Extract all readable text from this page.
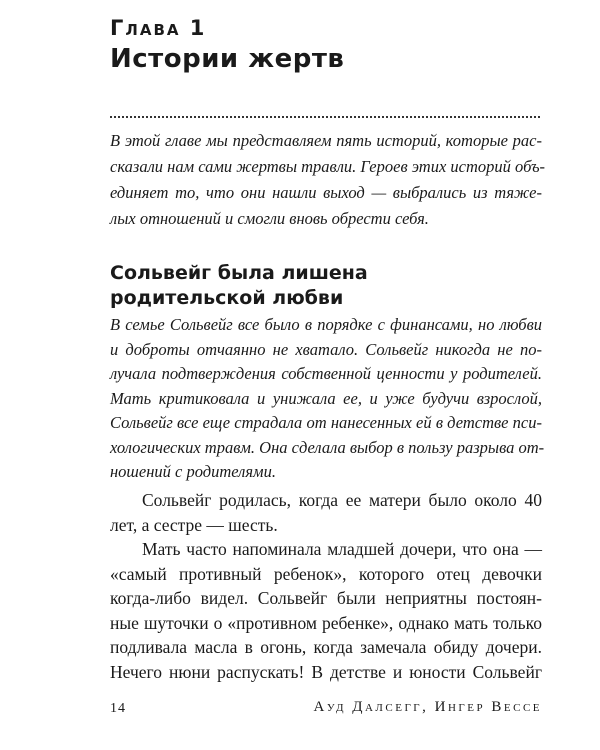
Глава 1
Истории жертв
В этой главе мы представляем пять историй, которые рас-
сказали нам сами жертвы травли. Героев этих историй объ-
единяет то, что они нашли выход — выбрались из тяже-
лых отношений и смогли вновь обрести себя.
Сольвейг была лишена
родительской любви
В семье Сольвейг все было в порядке с финансами, но любви
и доброты отчаянно не хватало. Сольвейг никогда не по-
лучала подтверждения собственной ценности у родителей.
Мать критиковала и унижала ее, и уже будучи взрослой,
Сольвейг все еще страдала от нанесенных ей в детстве пси-
хологических травм. Она сделала выбор в пользу разрыва от-
ношений с родителями.
Сольвейг родилась, когда ее матери было около 40
лет, а сестре — шесть.
Мать часто напоминала младшей дочери, что она —
«самый противный ребенок», которого отец девочки
когда-либо видел. Сольвейг были неприятны постоян-
ные шуточки о «противном ребенке», однако мать только
подливала масла в огонь, когда замечала обиду дочери.
Нечего нюни распускать! В детстве и юности Сольвейг
14	Ауд Далсегг, Ингер Вессе
